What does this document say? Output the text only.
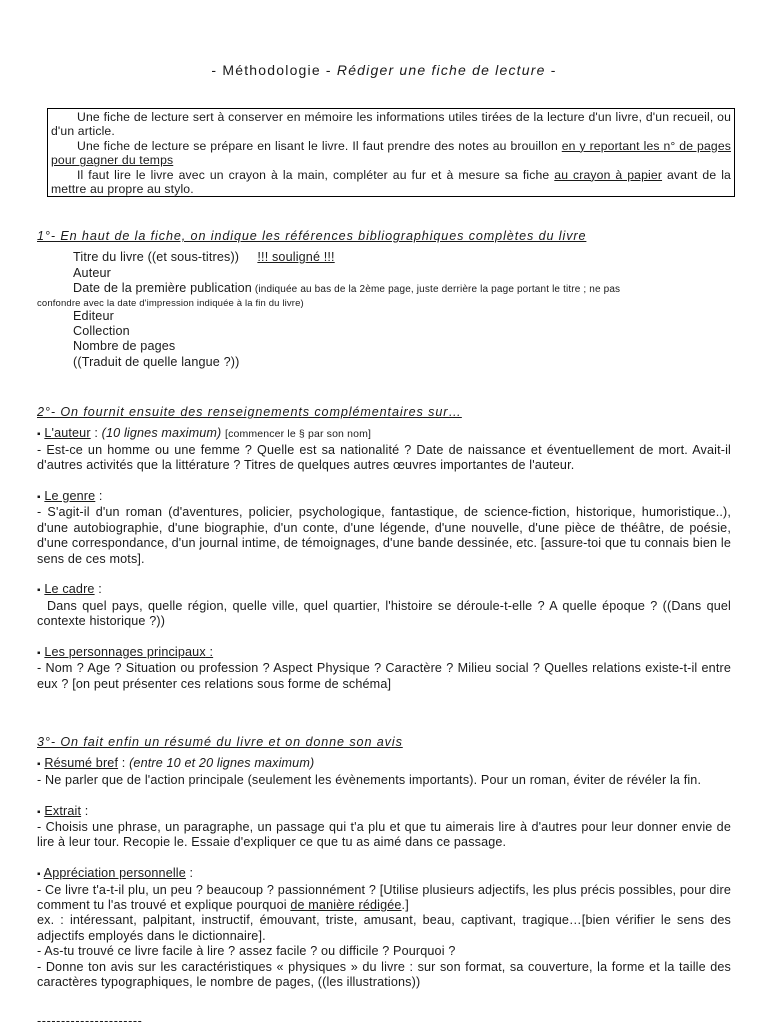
- Méthodologie - Rédiger une fiche de lecture -

Une fiche de lecture sert à conserver en mémoire les informations utiles tirées de la lecture d'un livre, d'un recueil, ou d'un article.

Une fiche de lecture se prépare en lisant le livre. Il faut prendre des notes au brouillon en y reportant les n° de pages pour gagner du temps

Il faut lire le livre avec un crayon à la main, compléter au fur et à mesure sa fiche au crayon à papier avant de la mettre au propre au stylo.

1°- En haut de la fiche, on indique les références bibliographiques complètes du livre
Titre du livre ((et sous-titres)) !!! souligné !!!
Auteur
Date de la première publication (indiquée au bas de la 2ème page, juste derrière la page portant le titre ; ne pas
confondre avec la date d'impression indiquée à la fin du livre)
Editeur
Collection
Nombre de pages
((Traduit de quelle langue ?))
2°- On fournit ensuite des renseignements complémentaires sur…
▪ L'auteur : (10 lignes maximum) [commencer le § par son nom]
- Est-ce un homme ou une femme ? Quelle est sa nationalité ? Date de naissance et éventuellement de mort. Avait-il d'autres activités que la littérature ? Titres de quelques autres œuvres importantes de l'auteur.
▪ Le genre :
- S'agit-il d'un roman (d'aventures, policier, psychologique, fantastique, de science-fiction, historique, humoristique..), d'une autobiographie, d'une biographie, d'un conte, d'une légende, d'une nouvelle, d'une pièce de théâtre, de poésie, d'une correspondance, d'un journal intime, de témoignages, d'une bande dessinée, etc. [assure-toi que tu connais bien le sens de ces mots].
▪ Le cadre :
Dans quel pays, quelle région, quelle ville, quel quartier, l'histoire se déroule-t-elle ? A quelle époque ? ((Dans quel contexte historique ?))
▪ Les personnages principaux :
- Nom ? Age ? Situation ou profession ? Aspect Physique ? Caractère ? Milieu social ? Quelles relations existe-t-il entre eux ? [on peut présenter ces relations sous forme de schéma]
3°- On fait enfin un résumé du livre et on donne son avis
▪ Résumé bref : (entre 10 et 20 lignes maximum)
- Ne parler que de l'action principale (seulement les évènements importants). Pour un roman, éviter de révéler la fin.
▪ Extrait :
- Choisis une phrase, un paragraphe, un passage qui t'a plu et que tu aimerais lire à d'autres pour leur donner envie de lire à leur tour. Recopie le. Essaie d'expliquer ce que tu as aimé dans ce passage.
▪ Appréciation personnelle :
- Ce livre t'a-t-il plu, un peu ? beaucoup ? passionnément ? [Utilise plusieurs adjectifs, les plus précis possibles, pour dire comment tu l'as trouvé et explique pourquoi de manière rédigée.]
ex. : intéressant, palpitant, instructif, émouvant, triste, amusant, beau, captivant, tragique…[bien vérifier le sens des adjectifs employés dans le dictionnaire].
- As-tu trouvé ce livre facile à lire ? assez facile ? ou difficile ? Pourquoi ?
- Donne ton avis sur les caractéristiques « physiques » du livre : sur son format, sa couverture, la forme et la taille des caractères typographiques, le nombre de pages, ((les illustrations))
----------------------
